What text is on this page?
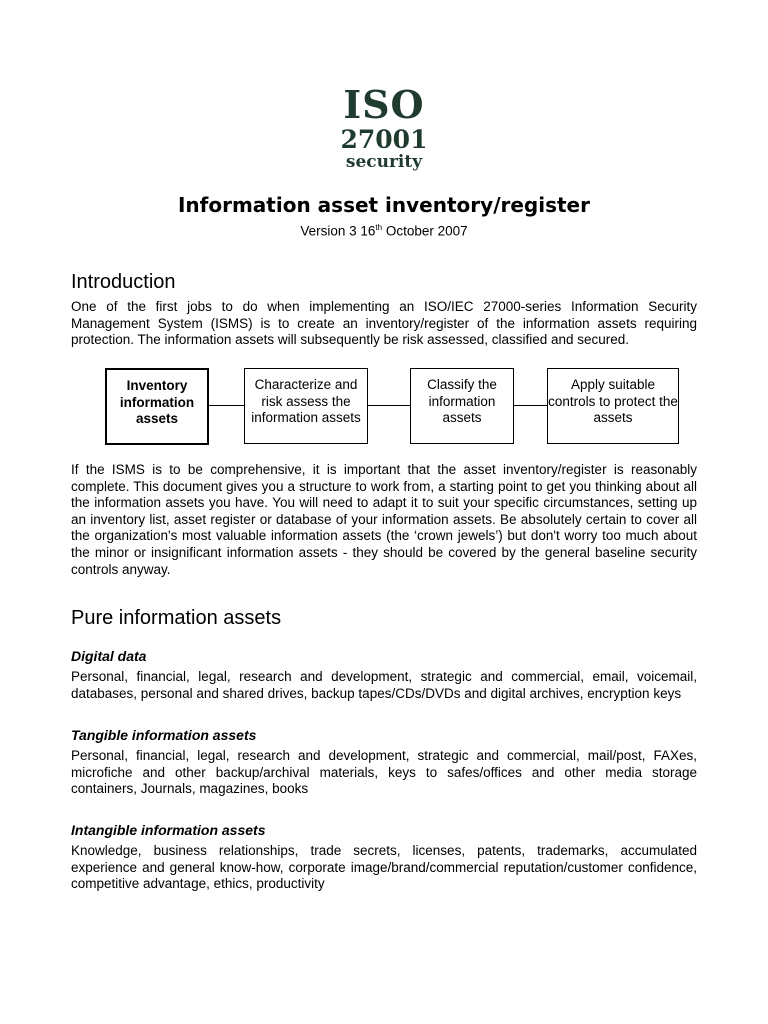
ISO
27001
security
Information asset inventory/register

Version 3 16th October 2007

Introduction

One of the first jobs to do when implementing an ISO/IEC 27000-series Information Security Management System (ISMS) is to create an inventory/register of the information assets requiring protection. The information assets will subsequently be risk assessed, classified and secured.

Inventory information assets
Characterize and risk assess the information assets
Classify the information assets
Apply suitable controls to protect the assets

If the ISMS is to be comprehensive, it is important that the asset inventory/register is reasonably complete. This document gives you a structure to work from, a starting point to get you thinking about all the information assets you have. You will need to adapt it to suit your specific circumstances, setting up an inventory list, asset register or database of your information assets. Be absolutely certain to cover all the organization's most valuable information assets (the ‘crown jewels’) but don't worry too much about the minor or insignificant information assets - they should be covered by the general baseline security controls anyway.

Pure information assets
Digital data

Personal, financial, legal, research and development, strategic and commercial, email, voicemail, databases, personal and shared drives, backup tapes/CDs/DVDs and digital archives, encryption keys

Tangible information assets

Personal, financial, legal, research and development, strategic and commercial, mail/post, FAXes, microfiche and other backup/archival materials, keys to safes/offices and other media storage containers, Journals, magazines, books

Intangible information assets

Knowledge, business relationships, trade secrets, licenses, patents, trademarks, accumulated experience and general know-how, corporate image/brand/commercial reputation/customer confidence, competitive advantage, ethics, productivity
